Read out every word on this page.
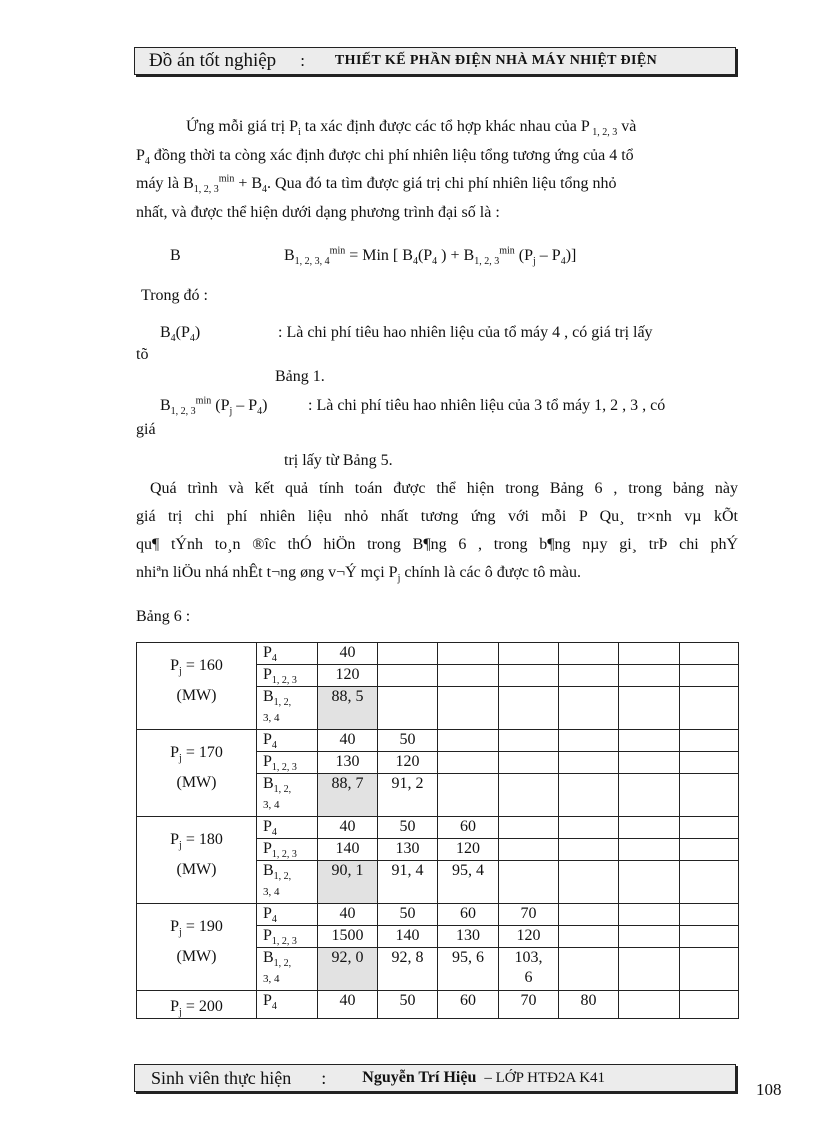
Đồ án tốt nghiệp : THIẾT KẾ PHẦN ĐIỆN NHÀ MÁY NHIỆT ĐIỆN
Ứng mỗi giá trị $P_i$ ta xác định được các tổ hợp khác nhau của P $_{1, 2, 3}$ và
$P_4$ đồng thời ta còng xác định được chi phí nhiên liệu tổng tương ứng của 4 tổ
máy là $B_{1, 2, 3}^{min} + B_4$. Qua đó ta tìm được giá trị chi phí nhiên liệu tổng nhỏ
nhất, và được thể hiện dưới dạng phương trình đại số là :
B	$B_{1, 2, 3, 4}^{min}$ = Min [ $B_4(P_4$ ) + $B_{1, 2, 3}^{min}$ $(P_j - P_4)$]
Trong đó :
$B_4(P_4)$	: Là chi phí tiêu hao nhiên liệu của tổ máy 4 , có giá trị lấy
tõ
Bảng 1.
$B_{1, 2, 3}^{min}$ $(P_j - P_4)$	: Là chi phí tiêu hao nhiên liệu của 3 tổ máy 1, 2 , 3 , có
giá
trị lấy từ Bảng 5.
Quá trình và kết quả tính toán được thể hiện trong Bảng 6 , trong bảng này
giá trị chi phí nhiên liệu nhỏ nhất tương ứng với mỗi P Qu¸ tr×nh vµ kÕt
qu¶ tÝnh to¸n ®îc thÓ hiÖn trong B¶ng 6 , trong b¶ng nµy gi¸ trÞ chi phÝ
nhiªn liÖu nhá nhÊt t¬ng øng v¬Ý mçi $P_j$ chính là các ô được tô màu.
Bảng 6 :
$P_j = 160$
(MW)	$P_4$	40						
	$P_{1, 2, 3}$	120						
	$B_{1, 2,}$
3, 4	88, 5						
$P_j = 170$
(MW)	$P_4$	40	50					
	$P_{1, 2, 3}$	130	120					
	$B_{1, 2,}$
3, 4	88, 7	91, 2					
$P_j = 180$
(MW)	$P_4$	40	50	60				
	$P_{1, 2, 3}$	140	130	120				
	$B_{1, 2,}$
3, 4	90, 1	91, 4	95, 4				
$P_j = 190$
(MW)	$P_4$	40	50	60	70			
	$P_{1, 2, 3}$	1500	140	130	120			
	$B_{1, 2,}$
3, 4	92, 0	92, 8	95, 6	103,
6			
$P_j = 200$	$P_4$	40	50	60	70	80		
Sinh viên thực hiện : Nguyễn Trí Hiệu – LỚP HTĐ2A K41
108
